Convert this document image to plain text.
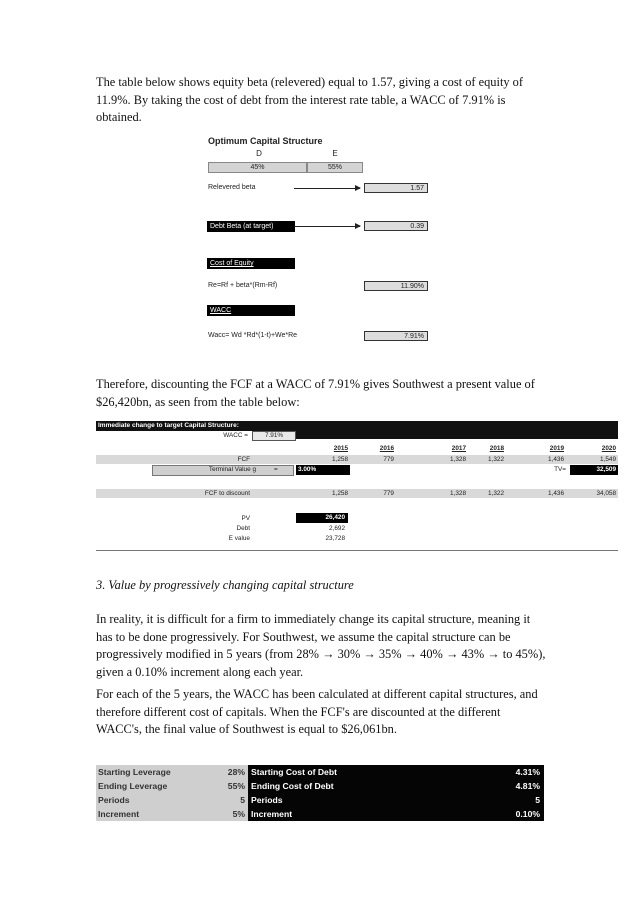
The table below shows equity beta (relevered) equal to 1.57, giving a cost of equity of 11.9%. By taking the cost of debt from the interest rate table, a WACC of 7.91% is obtained.
Optimum Capital Structure
D	E
45%	55%
Relevered beta	1.57
Debt Beta (at target)	0.39
Cost of Equity
Re=Rf + beta*(Rm-Rf)	11.90%
WACC
Wacc= Wd *Rd*(1-t)+We*Re	7.91%
Therefore, discounting the FCF at a WACC of 7.91% gives Southwest a present value of $26,420bn, as seen from the table below:
Immediate change to target Capital Structure:
WACC =	7.91%
2015	2016	2017	2018	2019	2020
FCF	1,258	779	1,328	1,322	1,436	1,549
Terminal Value g	=	3.00%	TV=	32,509
FCF to discount	1,258	779	1,328	1,322	1,436	34,058
PV	26,420
Debt	2,692
E value	23,728
3. Value by progressively changing capital structure
In reality, it is difficult for a firm to immediately change its capital structure, meaning it has to be done progressively. For Southwest, we assume the capital structure can be progressively modified in 5 years (from 28% → 30% → 35% → 40% → 43% → to 45%), given a 0.10% increment along each year.
For each of the 5 years, the WACC has been calculated at different capital structures, and therefore different cost of capitals. When the FCF's are discounted at the different WACC's, the final value of Southwest is equal to $26,061bn.
Starting Leverage	28%
Ending Leverage	55%
Periods	5
Increment	5%
Starting Cost of Debt	4.31%
Ending Cost of Debt	4.81%
Periods	5
Increment	0.10%
